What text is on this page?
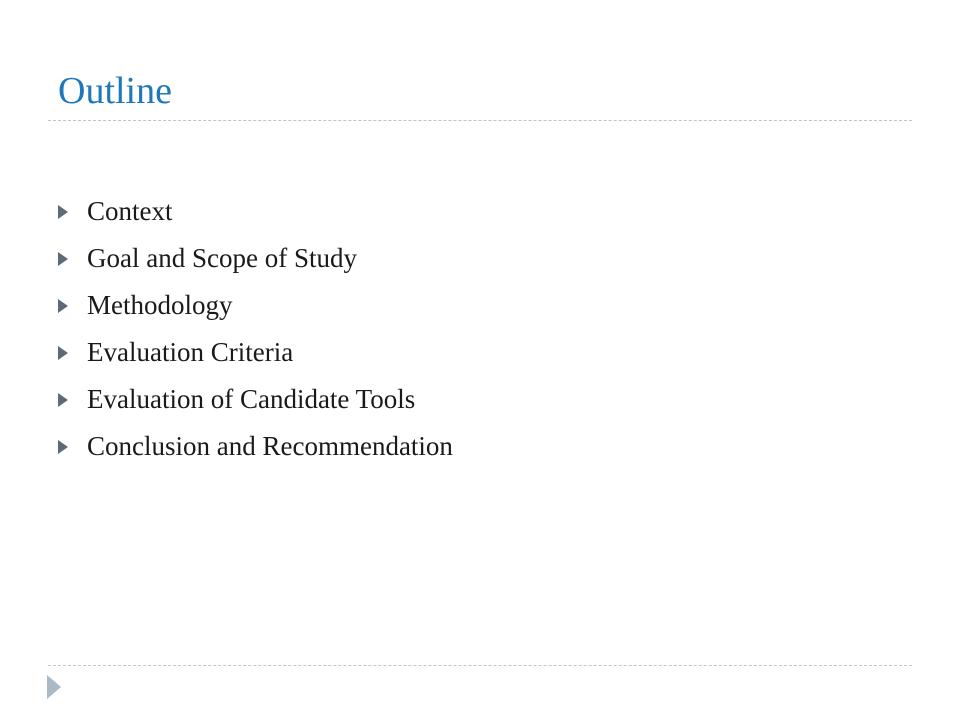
Outline
Context
Goal and Scope of Study
Methodology
Evaluation Criteria
Evaluation of Candidate Tools
Conclusion and Recommendation
